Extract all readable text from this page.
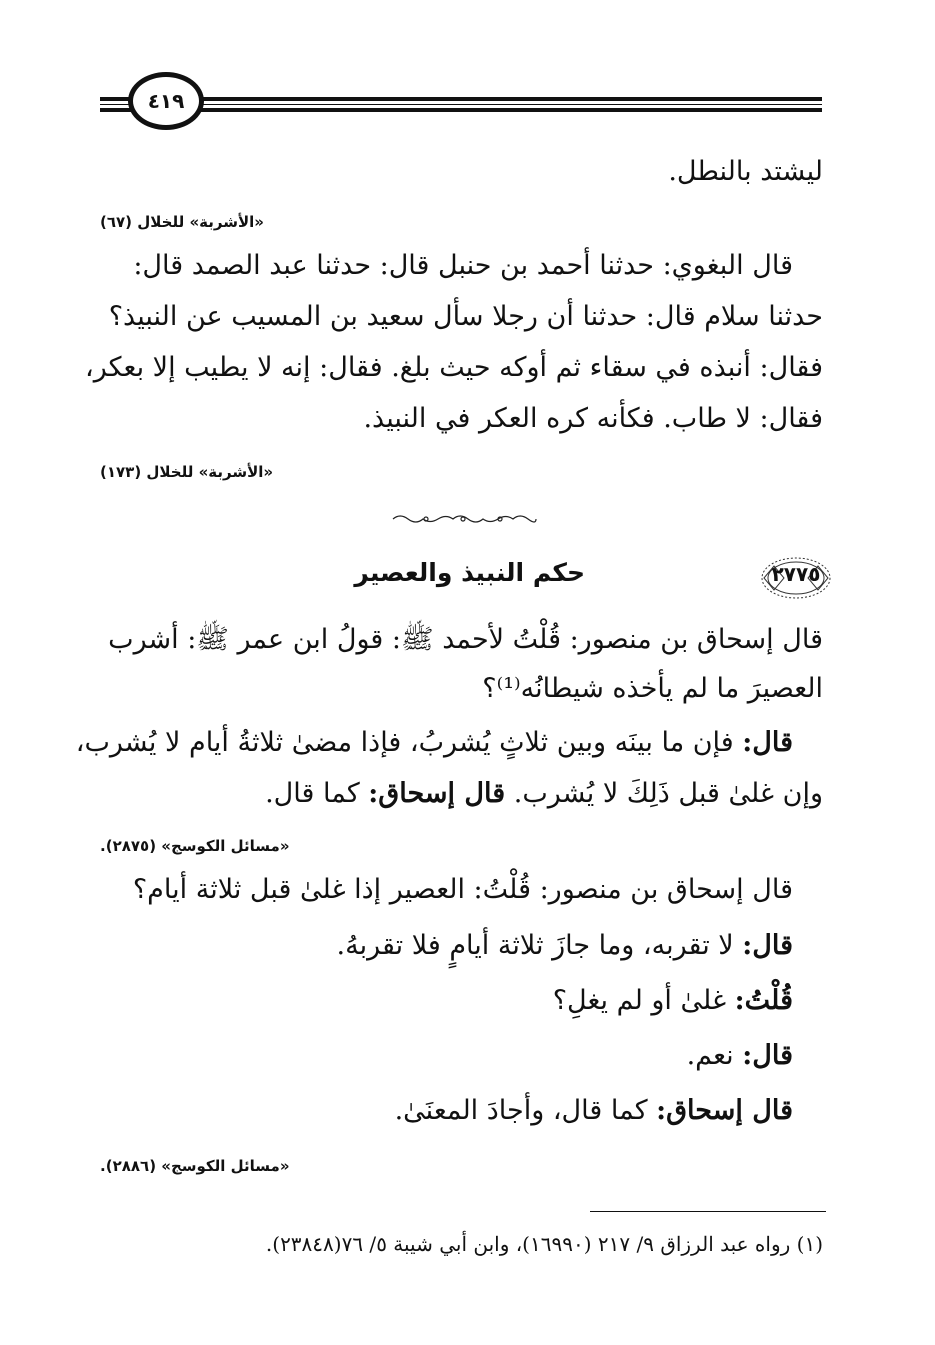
٤١٩
ليشتد بالنطل.
«الأشربة» للخلال (٦٧)
قال البغوي: حدثنا أحمد بن حنبل قال: حدثنا عبد الصمد قال:
حدثنا سلام قال: حدثنا أن رجلا سأل سعيد بن المسيب عن النبيذ؟
فقال: أنبذه في سقاء ثم أوكه حيث بلغ. فقال: إنه لا يطيب إلا بعكر،
فقال: لا طاب. فكأنه كره العكر في النبيذ.
«الأشربة» للخلال (١٧٣)
٢٧٧٥
حكم النبيذ والعصير
قال إسحاق بن منصور: قُلْتُ لأحمد ﷺ: قولُ ابن عمر ﷺ: أشرب
العصيرَ ما لم يأخذه شيطانُه⁽¹⁾؟
قال: فإن ما بينَه وبين ثلاثٍ يُشربُ، فإذا مضىٰ ثلاثةُ أيام لا يُشرب،
وإن غلىٰ قبل ذَلِكَ لا يُشرب. قال إسحاق: كما قال.
«مسائل الكوسج» (٢٨٧٥).
قال إسحاق بن منصور: قُلْتُ: العصير إذا غلىٰ قبل ثلاثة أيام؟
قال: لا تقربه، وما جازَ ثلاثة أيامٍ فلا تقربهُ.
قُلْتُ: غلىٰ أو لم يغلِ؟
قال: نعم.
قال إسحاق: كما قال، وأجادَ المعنَىٰ.
«مسائل الكوسج» (٢٨٨٦).
(١) رواه عبد الرزاق ٩/ ٢١٧ (١٦٩٩٠)، وابن أبي شيبة ٥/ ٧٦(٢٣٨٤٨).
